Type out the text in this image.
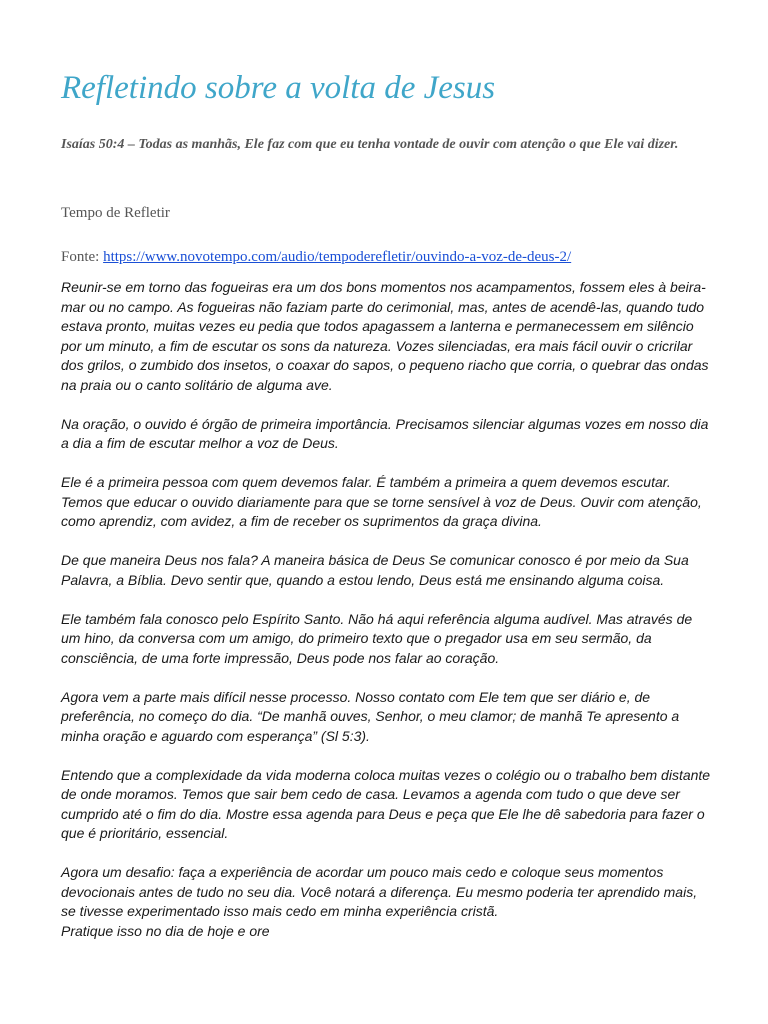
Refletindo sobre a volta de Jesus

Isaías 50:4 – Todas as manhãs, Ele faz com que eu tenha vontade de ouvir com atenção o que Ele vai dizer.

Tempo de Refletir

Fonte: https://www.novotempo.com/audio/tempoderefletir/ouvindo-a-voz-de-deus-2/

Reunir-se em torno das fogueiras era um dos bons momentos nos acampamentos, fossem eles à beira-mar ou no campo. As fogueiras não faziam parte do cerimonial, mas, antes de acendê-las, quando tudo estava pronto, muitas vezes eu pedia que todos apagassem a lanterna e permanecessem em silêncio por um minuto, a fim de escutar os sons da natureza. Vozes silenciadas, era mais fácil ouvir o cricrilar dos grilos, o zumbido dos insetos, o coaxar do sapos, o pequeno riacho que corria, o quebrar das ondas na praia ou o canto solitário de alguma ave.

Na oração, o ouvido é órgão de primeira importância. Precisamos silenciar algumas vozes em nosso dia a dia a fim de escutar melhor a voz de Deus.

Ele é a primeira pessoa com quem devemos falar. É também a primeira a quem devemos escutar. Temos que educar o ouvido diariamente para que se torne sensível à voz de Deus. Ouvir com atenção, como aprendiz, com avidez, a fim de receber os suprimentos da graça divina.

De que maneira Deus nos fala? A maneira básica de Deus Se comunicar conosco é por meio da Sua Palavra, a Bíblia. Devo sentir que, quando a estou lendo, Deus está me ensinando alguma coisa.

Ele também fala conosco pelo Espírito Santo. Não há aqui referência alguma audível. Mas através de um hino, da conversa com um amigo, do primeiro texto que o pregador usa em seu sermão, da consciência, de uma forte impressão, Deus pode nos falar ao coração.

Agora vem a parte mais difícil nesse processo. Nosso contato com Ele tem que ser diário e, de preferência, no começo do dia. “De manhã ouves, Senhor, o meu clamor; de manhã Te apresento a minha oração e aguardo com esperança” (Sl 5:3).

Entendo que a complexidade da vida moderna coloca muitas vezes o colégio ou o trabalho bem distante de onde moramos. Temos que sair bem cedo de casa. Levamos a agenda com tudo o que deve ser cumprido até o fim do dia. Mostre essa agenda para Deus e peça que Ele lhe dê sabedoria para fazer o que é prioritário, essencial.

Agora um desafio: faça a experiência de acordar um pouco mais cedo e coloque seus momentos devocionais antes de tudo no seu dia. Você notará a diferença. Eu mesmo poderia ter aprendido mais, se tivesse experimentado isso mais cedo em minha experiência cristã.

Pratique isso no dia de hoje e ore
